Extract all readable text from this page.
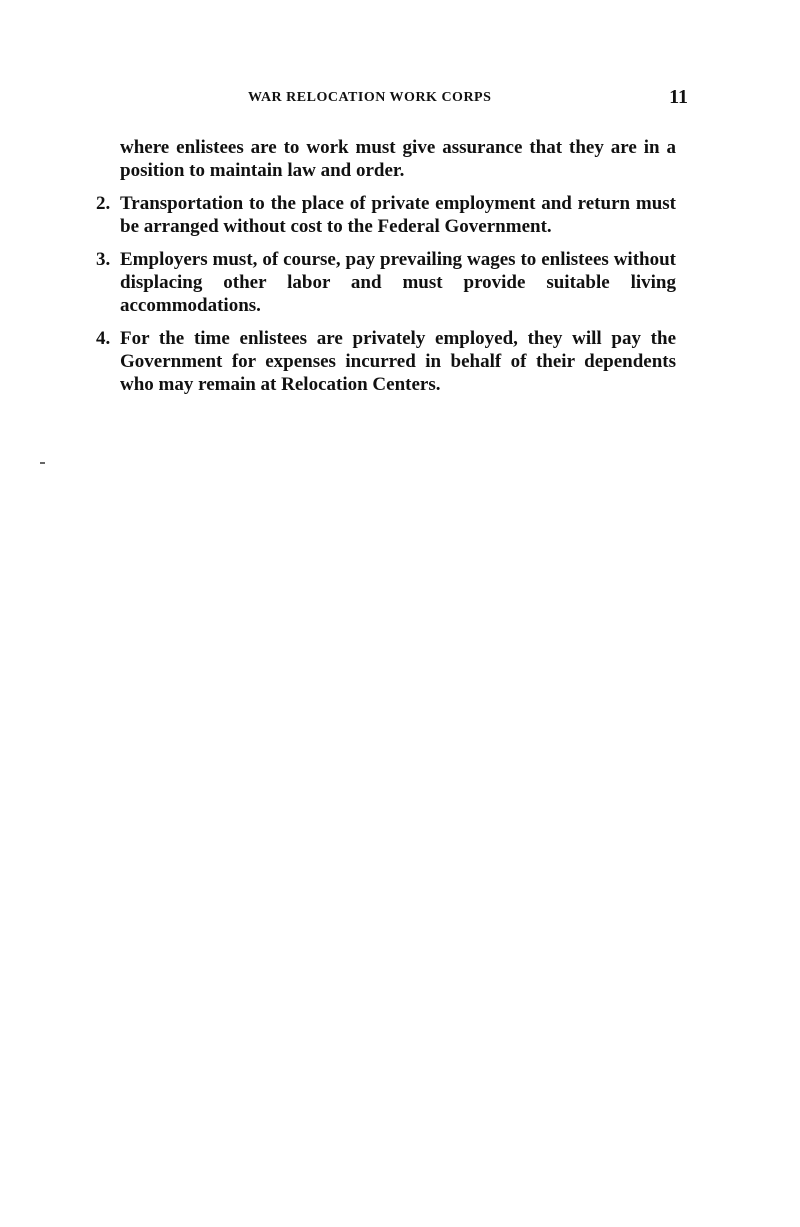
WAR RELOCATION WORK CORPS	11

where enlistees are to work must give assurance that they are in a position to maintain law and order.

2. Transportation to the place of private employment and return must be arranged without cost to the Federal Government.
3. Employers must, of course, pay prevailing wages to enlistees without displacing other labor and must provide suitable living accommodations.
4. For the time enlistees are privately employed, they will pay the Government for expenses incurred in behalf of their dependents who may remain at Relocation Centers.
